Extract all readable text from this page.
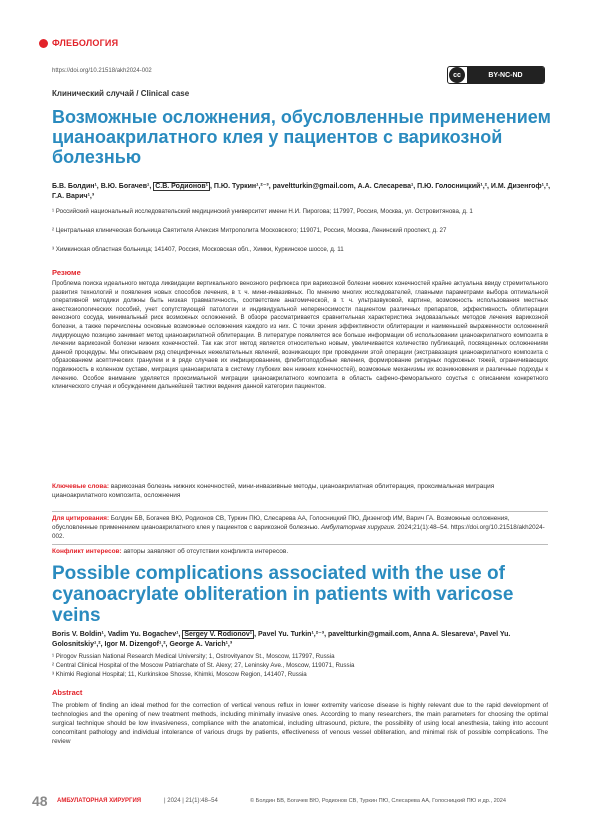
ФЛЕБОЛОГИЯ
https://doi.org/10.21518/akh2024-002
cc	BY-NC-ND
Клинический случай / Clinical case
Возможные осложнения, обусловленные применением цианоакрилатного клея у пациентов с варикозной болезнью
Б.В. Болдин¹, В.Ю. Богачев¹, С.В. Родионов¹ , П.Ю. Туркин¹,²⁻³, paveltturkin@gmail.com, А.А. Слесарева¹, П.Ю. Голосницкий¹,², И.М. Дизенгоф¹,², Г.А. Варич¹,³
¹ Российский национальный исследовательский медицинский университет имени Н.И. Пирогова; 117997, Россия, Москва, ул. Островитянова, д. 1
² Центральная клиническая больница Святителя Алексия Митрополита Московского; 119071, Россия, Москва, Ленинский проспект, д. 27
³ Химкинская областная больница; 141407, Россия, Московская обл., Химки, Куркинское шоссе, д. 11
Резюме
Проблема поиска идеального метода ликвидации вертикального венозного рефлюкса при варикозной болезни нижних конечностей крайне актуальна ввиду стремительного развития технологий и появления новых способов лечения, в т. ч. мини-инвазивных. По мнению многих исследователей, главными параметрами выбора оптимальной оперативной методики должны быть низкая травматичность, соответствие анатомической, в т. ч. ультразвуковой, картине, возможность использования местных анестезиологических пособий, учет сопутствующей патологии и индивидуальной непереносимости пациентом различных препаратов, эффективность облитерации венозного сосуда, минимальный риск возможных осложнений. В обзоре рассматривается сравнительная характеристика эндовазальных методов лечения варикозной болезни, а также перечислены основные возможные осложнения каждого из них. С точки зрения эффективности облитерации и наименьшей выраженности осложнений лидирующую позицию занимает метод цианоакрилатной облитерации. В литературе появляется все больше информации об использовании цианоакрилатного композита в лечении варикозной болезни нижних конечностей. Так как этот метод является относительно новым, увеличивается количество публикаций, посвященных осложнениям данной процедуры. Мы описываем ряд специфичных нежелательных явлений, возникающих при проведении этой операции (экстравазация цианоакрилатного композита с образованием асептических гранулем и в ряде случаев их инфицированием, флебитоподобные явления, формирование ригидных подкожных тяжей, ограничивающих подвижность в коленном суставе, миграция цианоакрилата в систему глубоких вен нижних конечностей), возможные механизмы их возникновения и различные подходы к лечению. Особое внимание уделяется проксимальной миграции цианоакрилатного композита в область сафено-феморального соустья с описанием конкретного клинического случая и обсуждением дальнейшей тактики ведения данной категории пациентов.
Ключевые слова: варикозная болезнь нижних конечностей, мини-инвазивные методы, цианоакрилатная облитерация, проксимальная миграция цианоакрилатного композита, осложнения
Для цитирования: Болдин БВ, Богачев ВЮ, Родионов СВ, Туркин ПЮ, Слесарева АА, Голосницкий ПЮ, Дизенгоф ИМ, Варич ГА. Возможные осложнения, обусловленные применением цианоакрилатного клея у пациентов с варикозной болезнью. Амбулаторная хирургия. 2024;21(1):48–54. https://doi.org/10.21518/akh2024-002.
Конфликт интересов: авторы заявляют об отсутствии конфликта интересов.
Possible complications associated with the use of cyanoacrylate obliteration in patients with varicose veins
Boris V. Boldin¹, Vadim Yu. Bogachev¹, Sergey V. Rodionov¹ , Pavel Yu. Turkin¹,²⁻³, paveltturkin@gmail.com, Anna A. Slesareva¹, Pavel Yu. Golosnitskiy¹,², Igor M. Dizengof¹,², George A. Varich¹,³
¹ Pirogov Russian National Research Medical University; 1, Ostrovityanov St., Moscow, 117997, Russia
² Central Clinical Hospital of the Moscow Patriarchate of St. Alexy; 27, Leninsky Ave., Moscow, 119071, Russia
³ Khimki Regional Hospital; 11, Kurkinskoe Shosse, Khimki, Moscow Region, 141407, Russia
Abstract
The problem of finding an ideal method for the correction of vertical venous reflux in lower extremity varicose disease is highly relevant due to the rapid development of technologies and the opening of new treatment methods, including minimally invasive ones. According to many researchers, the main parameters for choosing the optimal surgical technique should be low invasiveness, compliance with the anatomical, including ultrasound, picture, the possibility of using local anesthesia, taking into account concomitant pathology and individual intolerance of various drugs by patients, effectiveness of venous vessel obliteration, and minimal risk of possible complications. The review
48 АМБУЛАТОРНАЯ ХИРУРГИЯ	| 2024 | 21(1):48–54	© Болдин БВ, Богачев ВЮ, Родионов СВ, Туркин ПЮ, Слесарева АА, Голосницкий ПЮ и др., 2024
